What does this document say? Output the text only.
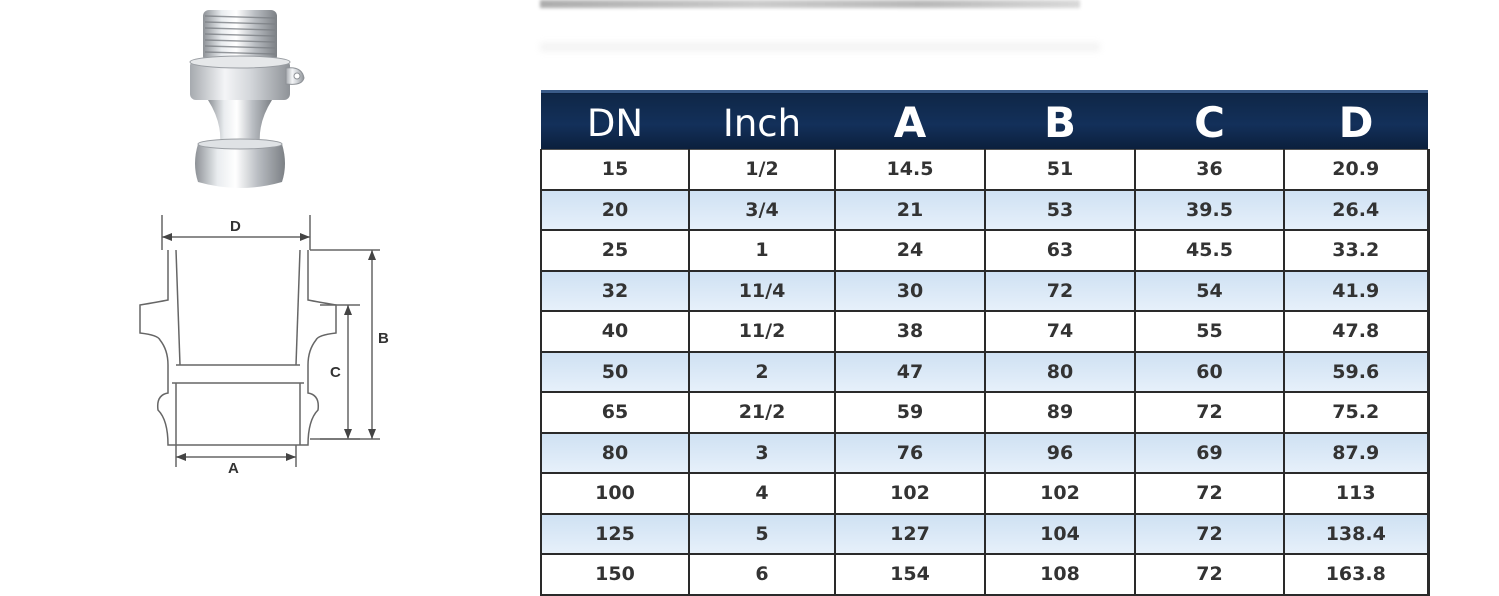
D
B
C
A
DN	Inch	A	B	C	D
15	1/2	14.5	51	36	20.9
20	3/4	21	53	39.5	26.4
25	1	24	63	45.5	33.2
32	11/4	30	72	54	41.9
40	11/2	38	74	55	47.8
50	2	47	80	60	59.6
65	21/2	59	89	72	75.2
80	3	76	96	69	87.9
100	4	102	102	72	113
125	5	127	104	72	138.4
150	6	154	108	72	163.8
